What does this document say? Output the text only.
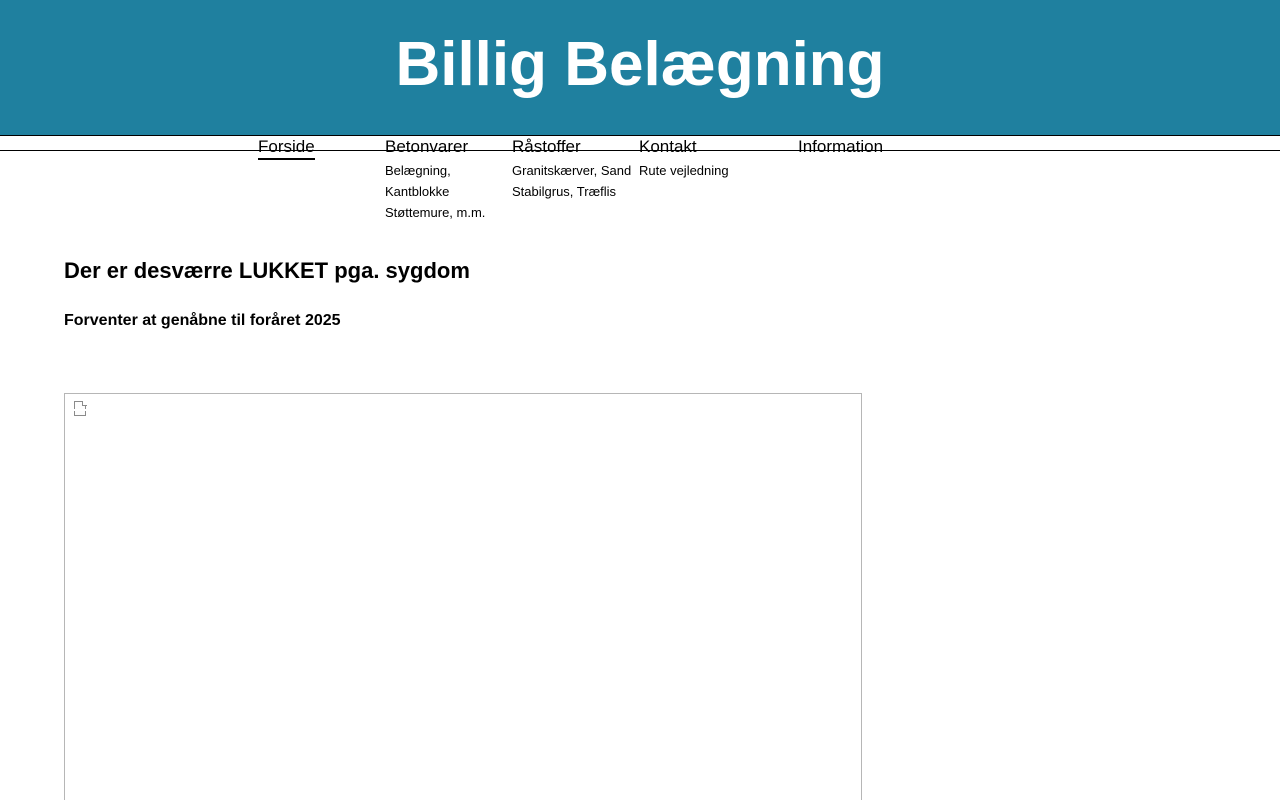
Billig Belægning
Forside	Betonvarer
Belægning, Kantblokke
Støttemure, m.m.
Råstoffer
Granitskærver, Sand
Stabilgrus, Træflis
Kontakt
Rute vejledning
Information
Der er desværre LUKKET pga. sygdom
Forventer at genåbne til foråret 2025
